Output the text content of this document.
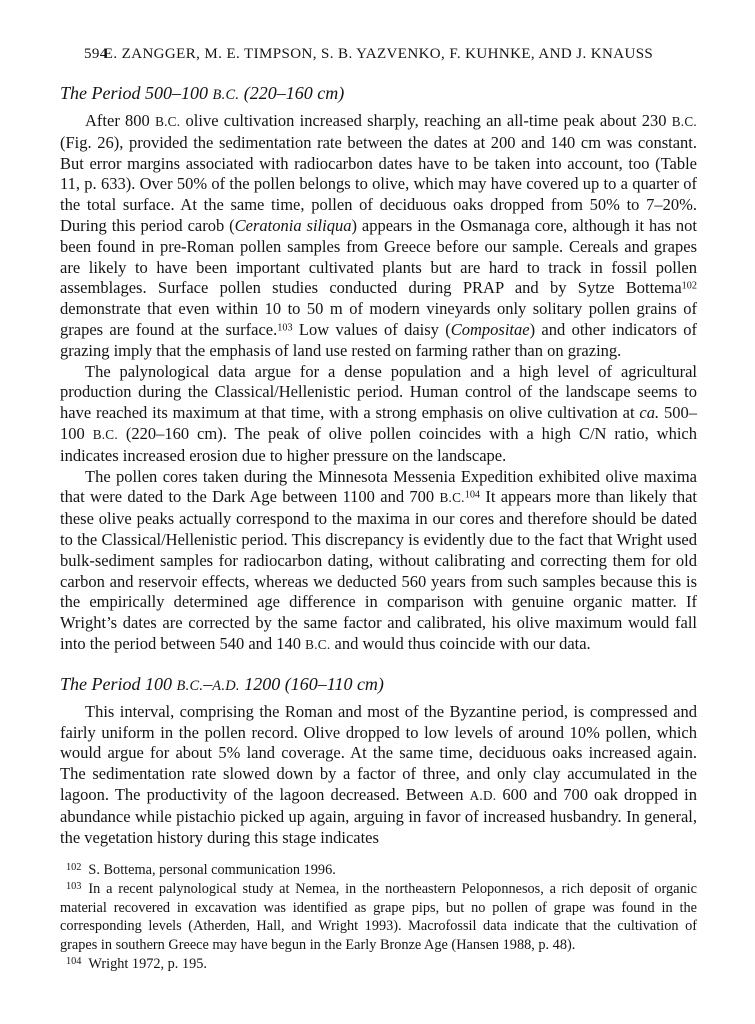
594
E. ZANGGER, M. E. TIMPSON, S. B. YAZVENKO, F. KUHNKE, AND J. KNAUSS
The Period 500–100 B.C. (220–160 cm)

After 800 B.C. olive cultivation increased sharply, reaching an all-time peak about 230 B.C. (Fig. 26), provided the sedimentation rate between the dates at 200 and 140 cm was constant. But error margins associated with radiocarbon dates have to be taken into account, too (Table 11, p. 633). Over 50% of the pollen belongs to olive, which may have covered up to a quarter of the total surface. At the same time, pollen of deciduous oaks dropped from 50% to 7–20%. During this period carob (Ceratonia siliqua) appears in the Osmanaga core, although it has not been found in pre-Roman pollen samples from Greece before our sample. Cereals and grapes are likely to have been important cultivated plants but are hard to track in fossil pollen assemblages. Surface pollen studies conducted during PRAP and by Sytze Bottema$^{102}$ demonstrate that even within 10 to 50 m of modern vineyards only solitary pollen grains of grapes are found at the surface.$^{103}$ Low values of daisy (Compositae) and other indicators of grazing imply that the emphasis of land use rested on farming rather than on grazing.

The palynological data argue for a dense population and a high level of agricultural production during the Classical/Hellenistic period. Human control of the landscape seems to have reached its maximum at that time, with a strong emphasis on olive cultivation at ca. 500–100 B.C. (220–160 cm). The peak of olive pollen coincides with a high C/N ratio, which indicates increased erosion due to higher pressure on the landscape.

The pollen cores taken during the Minnesota Messenia Expedition exhibited olive maxima that were dated to the Dark Age between 1100 and 700 B.C.$^{104}$ It appears more than likely that these olive peaks actually correspond to the maxima in our cores and therefore should be dated to the Classical/Hellenistic period. This discrepancy is evidently due to the fact that Wright used bulk-sediment samples for radiocarbon dating, without calibrating and correcting them for old carbon and reservoir effects, whereas we deducted 560 years from such samples because this is the empirically determined age difference in comparison with genuine organic matter. If Wright’s dates are corrected by the same factor and calibrated, his olive maximum would fall into the period between 540 and 140 B.C. and would thus coincide with our data.

The Period 100 B.C.–A.D. 1200 (160–110 cm)

This interval, comprising the Roman and most of the Byzantine period, is compressed and fairly uniform in the pollen record. Olive dropped to low levels of around 10% pollen, which would argue for about 5% land coverage. At the same time, deciduous oaks increased again. The sedimentation rate slowed down by a factor of three, and only clay accumulated in the lagoon. The productivity of the lagoon decreased. Between A.D. 600 and 700 oak dropped in abundance while pistachio picked up again, arguing in favor of increased husbandry. In general, the vegetation history during this stage indicates

$^{102}$ S. Bottema, personal communication 1996.
$^{103}$ In a recent palynological study at Nemea, in the northeastern Peloponnesos, a rich deposit of organic material recovered in excavation was identified as grape pips, but no pollen of grape was found in the corresponding levels (Atherden, Hall, and Wright 1993). Macrofossil data indicate that the cultivation of grapes in southern Greece may have begun in the Early Bronze Age (Hansen 1988, p. 48).
$^{104}$ Wright 1972, p. 195.
